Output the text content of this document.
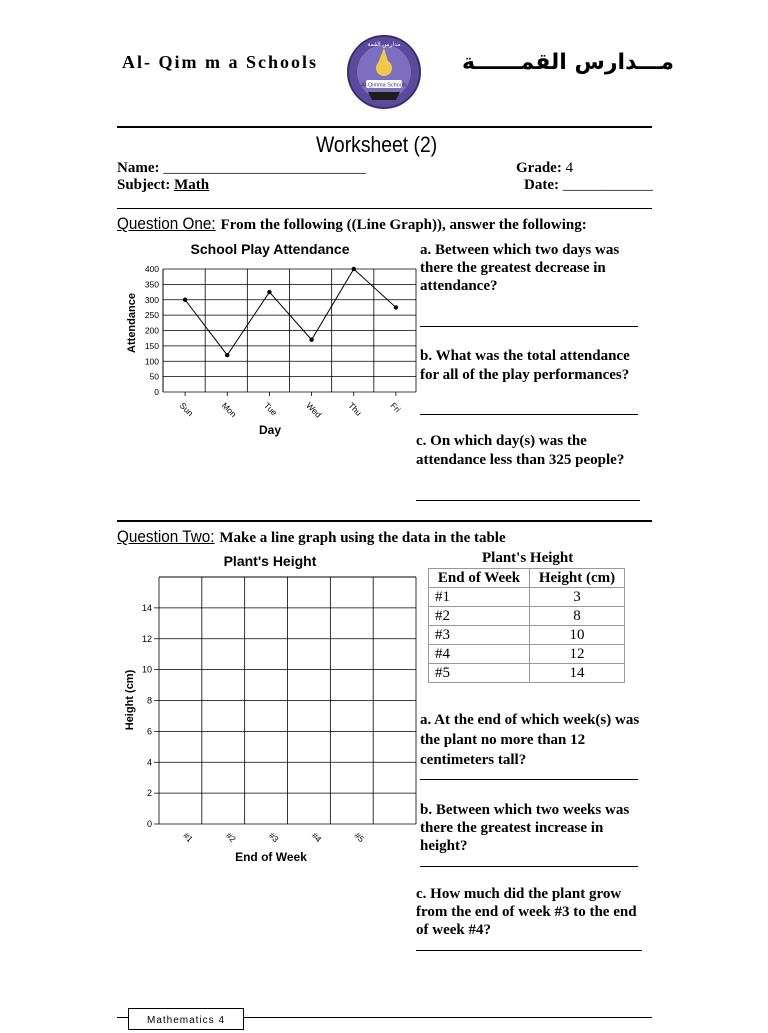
Al- Qim m a Schools
Al-Qimma Schools
مدارس القمة
مـــدارس القمــــــة
Worksheet (2)
Name: ___________________________
Subject: Math
Grade: 4
Date: ____________
Question One: From the following ((Line Graph)), answer the following:
School Play Attendance
0
50
100
150
200
250
300
350
400
Sun	Mon	Tue	Wed	Thu	Fri
Day
Attendance
a. Between which two days was there the greatest decrease in attendance?
b. What was the total attendance for all of the play performances?
c. On which day(s) was the attendance less than 325 people?
Question Two: Make a line graph using the data in the table
Plant's Height
0
2
4
6
8
10
12
14
#1	#2	#3	#4	#5
End of Week
Height (cm)
Plant's Height
End of Week	Height (cm)
#1	3
#2	8
#3	10
#4	12
#5	14
a. At the end of which week(s) was the plant no more than 12 centimeters tall?
b. Between which two weeks was there the greatest increase in height?
c. How much did the plant grow from the end of week #3 to the end of week #4?
Mathematics 4
